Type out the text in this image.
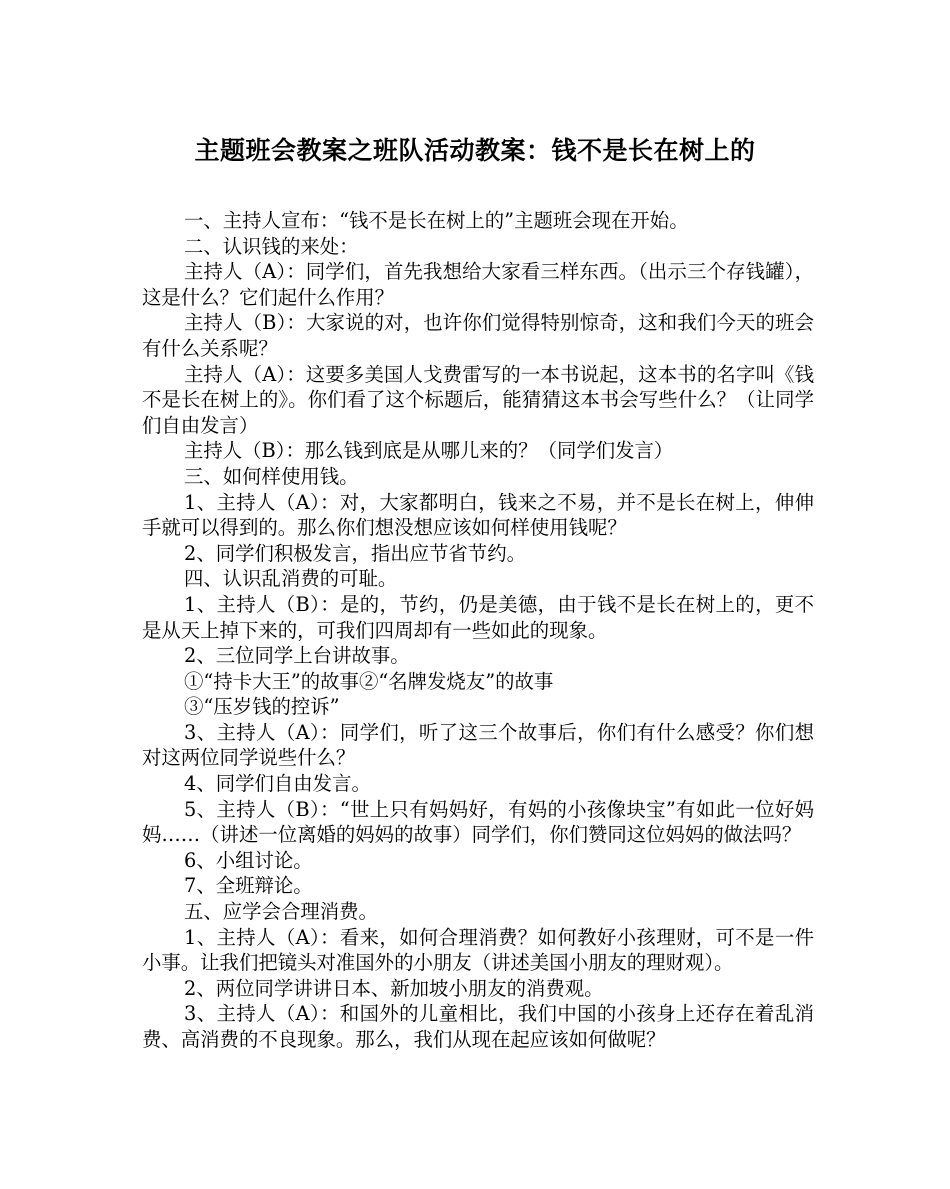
主题班会教案之班队活动教案：钱不是长在树上的

一、主持人宣布：“钱不是长在树上的”主题班会现在开始。

二、认识钱的来处：

主持人（A）：同学们，首先我想给大家看三样东西。（出示三个存钱罐），这是什么？它们起什么作用？

主持人（B）：大家说的对，也许你们觉得特别惊奇，这和我们今天的班会有什么关系呢？

主持人（A）：这要多美国人戈费雷写的一本书说起，这本书的名字叫《钱不是长在树上的》。你们看了这个标题后，能猜猜这本书会写些什么？（让同学们自由发言）

主持人（B）：那么钱到底是从哪儿来的？（同学们发言）

三、如何样使用钱。

1、主持人（A）：对，大家都明白，钱来之不易，并不是长在树上，伸伸手就可以得到的。那么你们想没想应该如何样使用钱呢？

2、同学们积极发言，指出应节省节约。

四、认识乱消费的可耻。

1、主持人（B）：是的，节约，仍是美德，由于钱不是长在树上的，更不是从天上掉下来的，可我们四周却有一些如此的现象。

2、三位同学上台讲故事。

①“持卡大王”的故事②“名牌发烧友”的故事

③“压岁钱的控诉”

3、主持人（A）：同学们，听了这三个故事后，你们有什么感受？你们想对这两位同学说些什么？

4、同学们自由发言。

5、主持人（B）：“世上只有妈妈好，有妈的小孩像块宝”有如此一位好妈妈……（讲述一位离婚的妈妈的故事）同学们，你们赞同这位妈妈的做法吗？

6、小组讨论。

7、全班辩论。

五、应学会合理消费。

1、主持人（A）：看来，如何合理消费？如何教好小孩理财，可不是一件小事。让我们把镜头对准国外的小朋友（讲述美国小朋友的理财观）。

2、两位同学讲讲日本、新加坡小朋友的消费观。

3、主持人（A）：和国外的儿童相比，我们中国的小孩身上还存在着乱消费、高消费的不良现象。那么，我们从现在起应该如何做呢？
